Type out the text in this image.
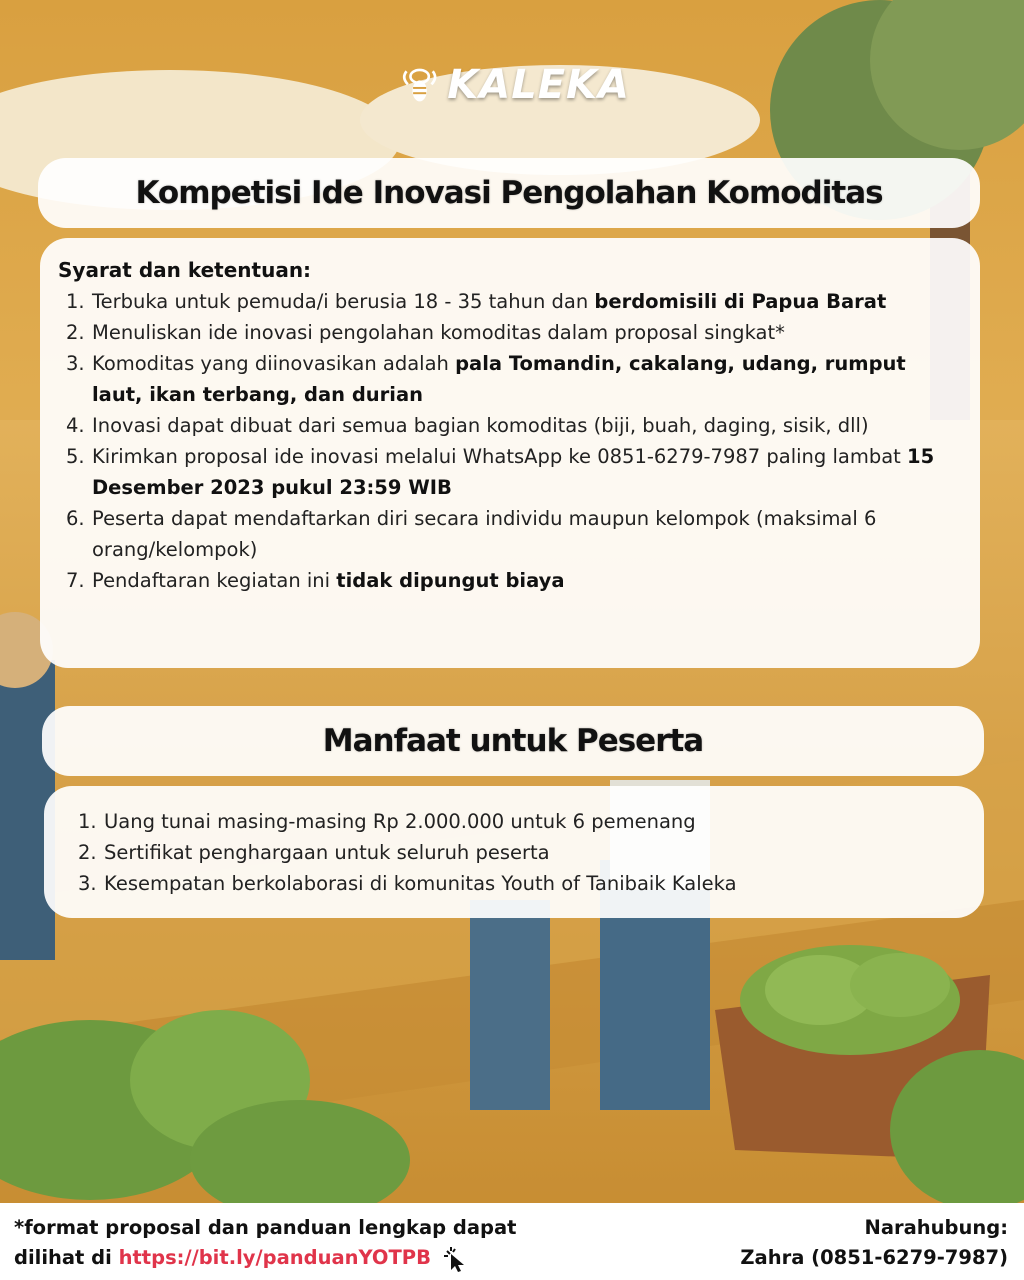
KALEKA
Kompetisi Ide Inovasi Pengolahan Komoditas
Syarat dan ketentuan:
1. Terbuka untuk pemuda/i berusia 18 - 35 tahun dan berdomisili di Papua Barat
2. Menuliskan ide inovasi pengolahan komoditas dalam proposal singkat*
3. Komoditas yang diinovasikan adalah pala Tomandin, cakalang, udang, rumput laut, ikan terbang, dan durian
4. Inovasi dapat dibuat dari semua bagian komoditas (biji, buah, daging, sisik, dll)
5. Kirimkan proposal ide inovasi melalui WhatsApp ke 0851-6279-7987 paling lambat 15 Desember 2023 pukul 23:59 WIB
6. Peserta dapat mendaftarkan diri secara individu maupun kelompok (maksimal 6 orang/kelompok)
7. Pendaftaran kegiatan ini tidak dipungut biaya
Manfaat untuk Peserta
1. Uang tunai masing-masing Rp 2.000.000 untuk 6 pemenang
2. Sertifikat penghargaan untuk seluruh peserta
3. Kesempatan berkolaborasi di komunitas Youth of Tanibaik Kaleka
*format proposal dan panduan lengkap dapat
dilihat di https://bit.ly/panduanYOTPB
Narahubung:
Zahra (0851-6279-7987)
